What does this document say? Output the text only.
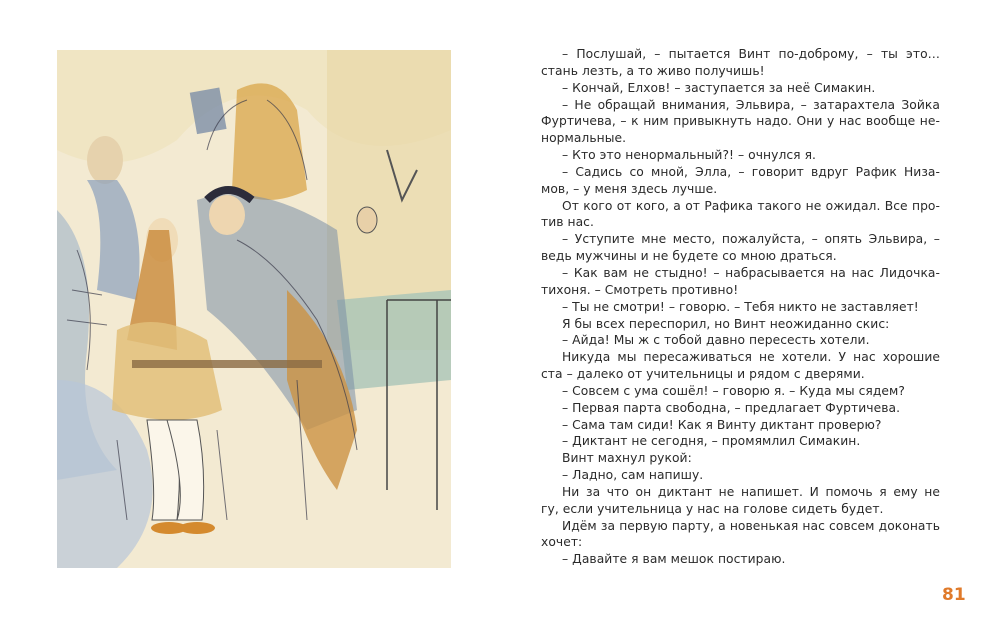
– Послушай, – пытается Винт по-доброму, – ты это…
стань лезть, а то живо получишь!
– Кончай, Елхов! – заступается за неё Симакин.
– Не обращай внимания, Эльвира, – затарахтела Зойка
Фуртичева, – к ним привыкнуть надо. Они у нас вообще не-
нормальные.
– Кто это ненормальный?! – очнулся я.
– Садись со мной, Элла, – говорит вдруг Рафик Низа-
мов, – у меня здесь лучше.
От кого от кого, а от Рафика такого не ожидал. Все про-
тив нас.
– Уступите мне место, пожалуйста, – опять Эльвира, –
ведь мужчины и не будете со мною драться.
– Как вам не стыдно! – набрасывается на нас Лидочка-
тихоня. – Смотреть противно!
– Ты не смотри! – говорю. – Тебя никто не заставляет!
Я бы всех переспорил, но Винт неожиданно скис:
– Айда! Мы ж с тобой давно пересесть хотели.
Никуда мы пересаживаться не хотели. У нас хорошие
ста – далеко от учительницы и рядом с дверями.
– Совсем с ума сошёл! – говорю я. – Куда мы сядем?
– Первая парта свободна, – предлагает Фуртичева.
– Сама там сиди! Как я Винту диктант проверю?
– Диктант не сегодня, – промямлил Симакин.
Винт махнул рукой:
– Ладно, сам напишу.
Ни за что он диктант не напишет. И помочь я ему не
гу, если учительница у нас на голове сидеть будет.
Идём за первую парту, а новенькая нас совсем доконать
хочет:
– Давайте я вам мешок постираю.
81
